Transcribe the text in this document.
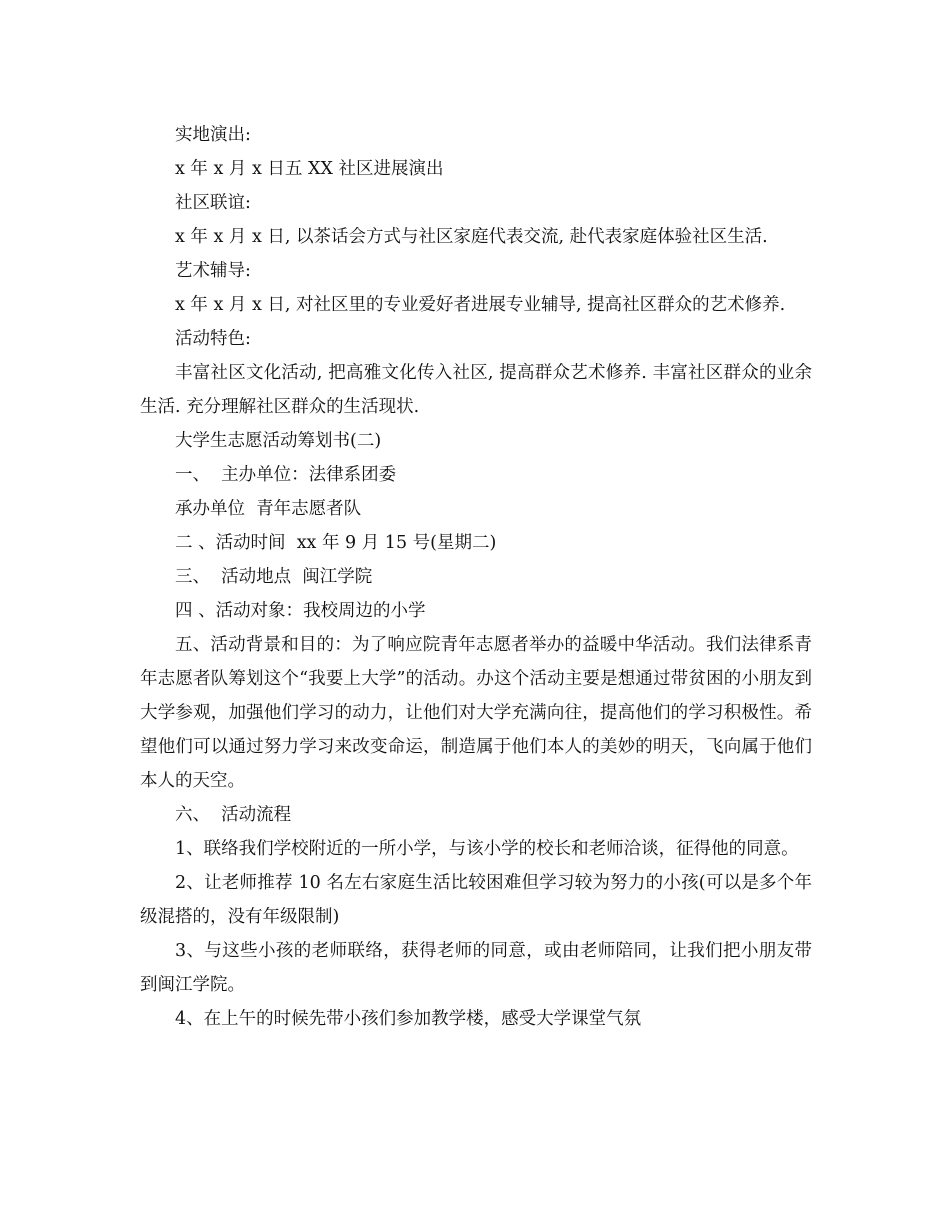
实地演出:

x 年 x 月 x 日五 XX 社区进展演出

社区联谊:

x 年 x 月 x 日, 以茶话会方式与社区家庭代表交流, 赴代表家庭体验社区生活.

艺术辅导:

x 年 x 月 x 日, 对社区里的专业爱好者进展专业辅导, 提高社区群众的艺术修养.

活动特色:

丰富社区文化活动, 把高雅文化传入社区, 提高群众艺术修养. 丰富社区群众的业余生活. 充分理解社区群众的生活现状.

大学生志愿活动筹划书(二)

一、  主办单位：法律系团委

承办单位  青年志愿者队

二 、活动时间  xx 年 9 月 15 号(星期二)

三、  活动地点  闽江学院

四 、活动对象：我校周边的小学

五、活动背景和目的：为了响应院青年志愿者举办的益暖中华活动。我们法律系青年志愿者队筹划这个“我要上大学”的活动。办这个活动主要是想通过带贫困的小朋友到大学参观，加强他们学习的动力，让他们对大学充满向往，提高他们的学习积极性。希望他们可以通过努力学习来改变命运，制造属于他们本人的美妙的明天，飞向属于他们本人的天空。

六、  活动流程

1、联络我们学校附近的一所小学，与该小学的校长和老师洽谈，征得他的同意。

2、让老师推荐 10 名左右家庭生活比较困难但学习较为努力的小孩(可以是多个年级混搭的，没有年级限制)

3、与这些小孩的老师联络，获得老师的同意，或由老师陪同，让我们把小朋友带到闽江学院。

4、在上午的时候先带小孩们参加教学楼，感受大学课堂气氛
